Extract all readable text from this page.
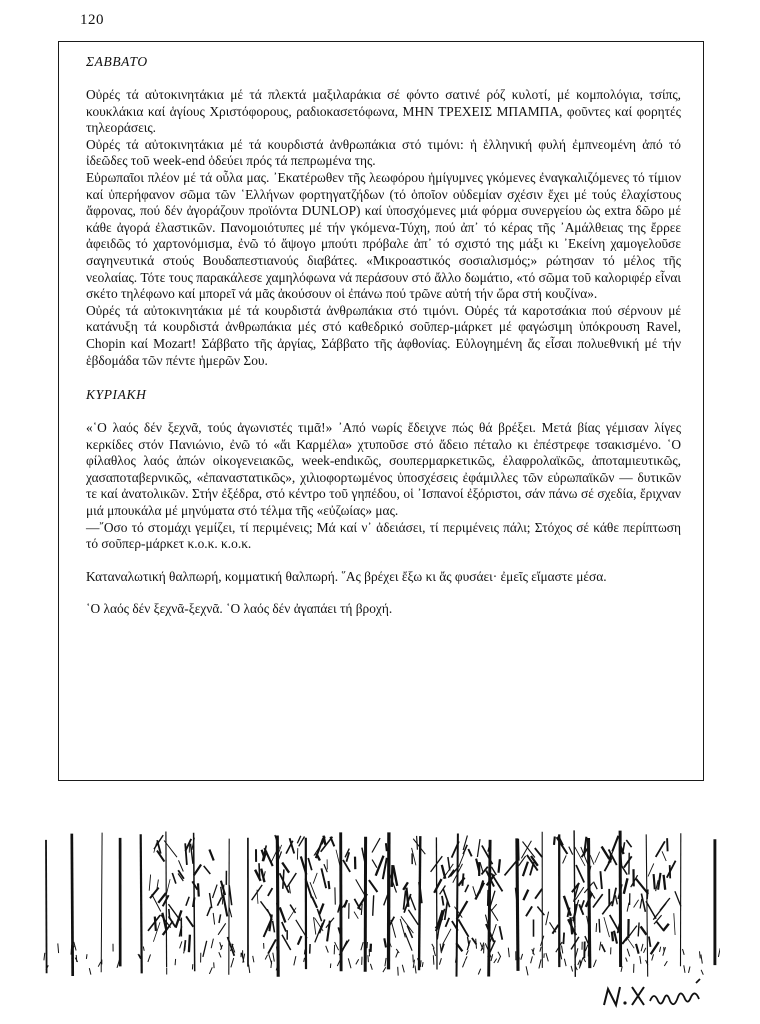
120
ΣΑΒΒΑΤΟ

Οὐρές τά αὐτοκινητάκια μέ τά πλεκτά μαξιλαράκια σέ φόντο σατινέ ρόζ κυλοτί, μέ κομπολόγια, τσίπς, κουκλάκια καί ἁγίους Χριστόφορους, ραδιοκασετόφωνα, ΜΗΝ ΤΡΕΧΕΙΣ ΜΠΑΜΠΑ, φοῦντες καί φορητές τηλεοράσεις.

Οὐρές τά αὐτοκινητάκια μέ τά κουρδιστά ἀνθρωπάκια στό τιμόνι: ἡ ἑλληνική φυλή ἐμπνεομένη ἀπό τό ἰδεῶδες τοῦ week-end ὁδεύει πρός τά πεπρωμένα της.

Εὐρωπαῖοι πλέον μέ τά οὖλα μας. ᾿Εκατέρωθεν τῆς λεωφόρου ἡμίγυμνες γκόμενες ἐναγκαλιζόμενες τό τίμιον καί ὑπερήφανον σῶμα τῶν ῾Ελλήνων φορτηγατζήδων (τό ὁποῖον οὐδεμίαν σχέσιν ἔχει μέ τούς ἐλαχίστους ἄφρονας, πού δέν ἀγοράζουν προϊόντα DUNLOP) καί ὑποσχόμενες μιά φόρμα συνεργείου ὡς extra δῶρο μέ κάθε ἀγορά ἐλαστικῶν. Πανομοιότυπες μέ τήν γκόμενα-Τύχη, πού ἀπ᾿ τό κέρας τῆς ᾿Αμάλθειας της ἔρρεε ἀφειδῶς τό χαρτονόμισμα, ἐνῶ τό ἄψογο μπούτι πρόβαλε ἀπ᾿ τό σχιστό της μάξι κι ᾿Εκείνη χαμογελοῦσε σαγηνευτικά στούς Βουδαπεστιανούς διαβάτες. «Μικροαστικός σοσιαλισμός;» ρώτησαν τό μέλος τῆς νεολαίας. Τότε τους παρακάλεσε χαμηλόφωνα νά περάσουν στό ἄλλο δωμάτιο, «τό σῶμα τοῦ καλοριφέρ εἶναι σκέτο τηλέφωνο καί μπορεῖ νά μᾶς ἀκούσουν οἱ ἐπάνω πού τρῶνε αὐτή τήν ὥρα στή κουζίνα».

Οὐρές τά αὐτοκινητάκια μέ τά κουρδιστά ἀνθρωπάκια στό τιμόνι. Οὐρές τά καροτσάκια πού σέρνουν μέ κατάνυξη τά κουρδιστά ἀνθρωπάκια μές στό καθεδρικό σοῦπερ-μάρκετ μέ φαγώσιμη ὑπόκρουση Ravel, Chopin καί Mozart! Σάββατο τῆς ἀργίας, Σάββατο τῆς ἀφθονίας. Εὐλογημένη ἄς εἶσαι πολυεθνική μέ τήν ἑβδομάδα τῶν πέντε ἡμερῶν Σου.

ΚΥΡΙΑΚΗ

«῾Ο λαός δέν ξεχνᾶ, τούς ἀγωνιστές τιμᾶ!» ᾿Από νωρίς ἔδειχνε πώς θά βρέξει. Μετά βίας γέμισαν λίγες κερκίδες στόν Πανιώνιο, ἐνῶ τό «ἄι Καρμέλα» χτυποῦσε στό ἄδειο πέταλο κι ἐπέστρεφε τσακισμένο. ῾Ο φίλαθλος λαός ἀπών οἰκογενειακῶς, week-endικῶς, σουπερμαρκετικῶς, ἐλαφρολαϊκῶς, ἀποταμιευτικῶς, χασαποταβερνικῶς, «ἐπαναστατικῶς», χιλιοφορτωμένος ὑποσχέσεις ἐφάμιλλες τῶν εὐρωπαϊκῶν — δυτικῶν τε καί ἀνατολικῶν. Στήν ἐξέδρα, στό κέντρο τοῦ γηπέδου, οἱ ᾿Ισπανοί ἐξόριστοι, σάν πάνω σέ σχεδία, ἔριχναν μιά μπουκάλα μέ μηνύματα στό τέλμα τῆς «εὐζωίας» μας.

—῎Οσο τό στομάχι γεμίζει, τί περιμένεις; Μά καί ν᾿ ἀδειάσει, τί περιμένεις πάλι; Στόχος σέ κάθε περίπτωση τό σοῦπερ-μάρκετ κ.ο.κ. κ.ο.κ.

Καταναλωτική θαλπωρή, κομματική θαλπωρή. ῞Ας βρέχει ἔξω κι ἄς φυσάει· ἐμεῖς εἴμαστε μέσα.

῾Ο λαός δέν ξεχνᾶ-ξεχνᾶ. ῾Ο λαός δέν ἀγαπάει τή βροχή.
